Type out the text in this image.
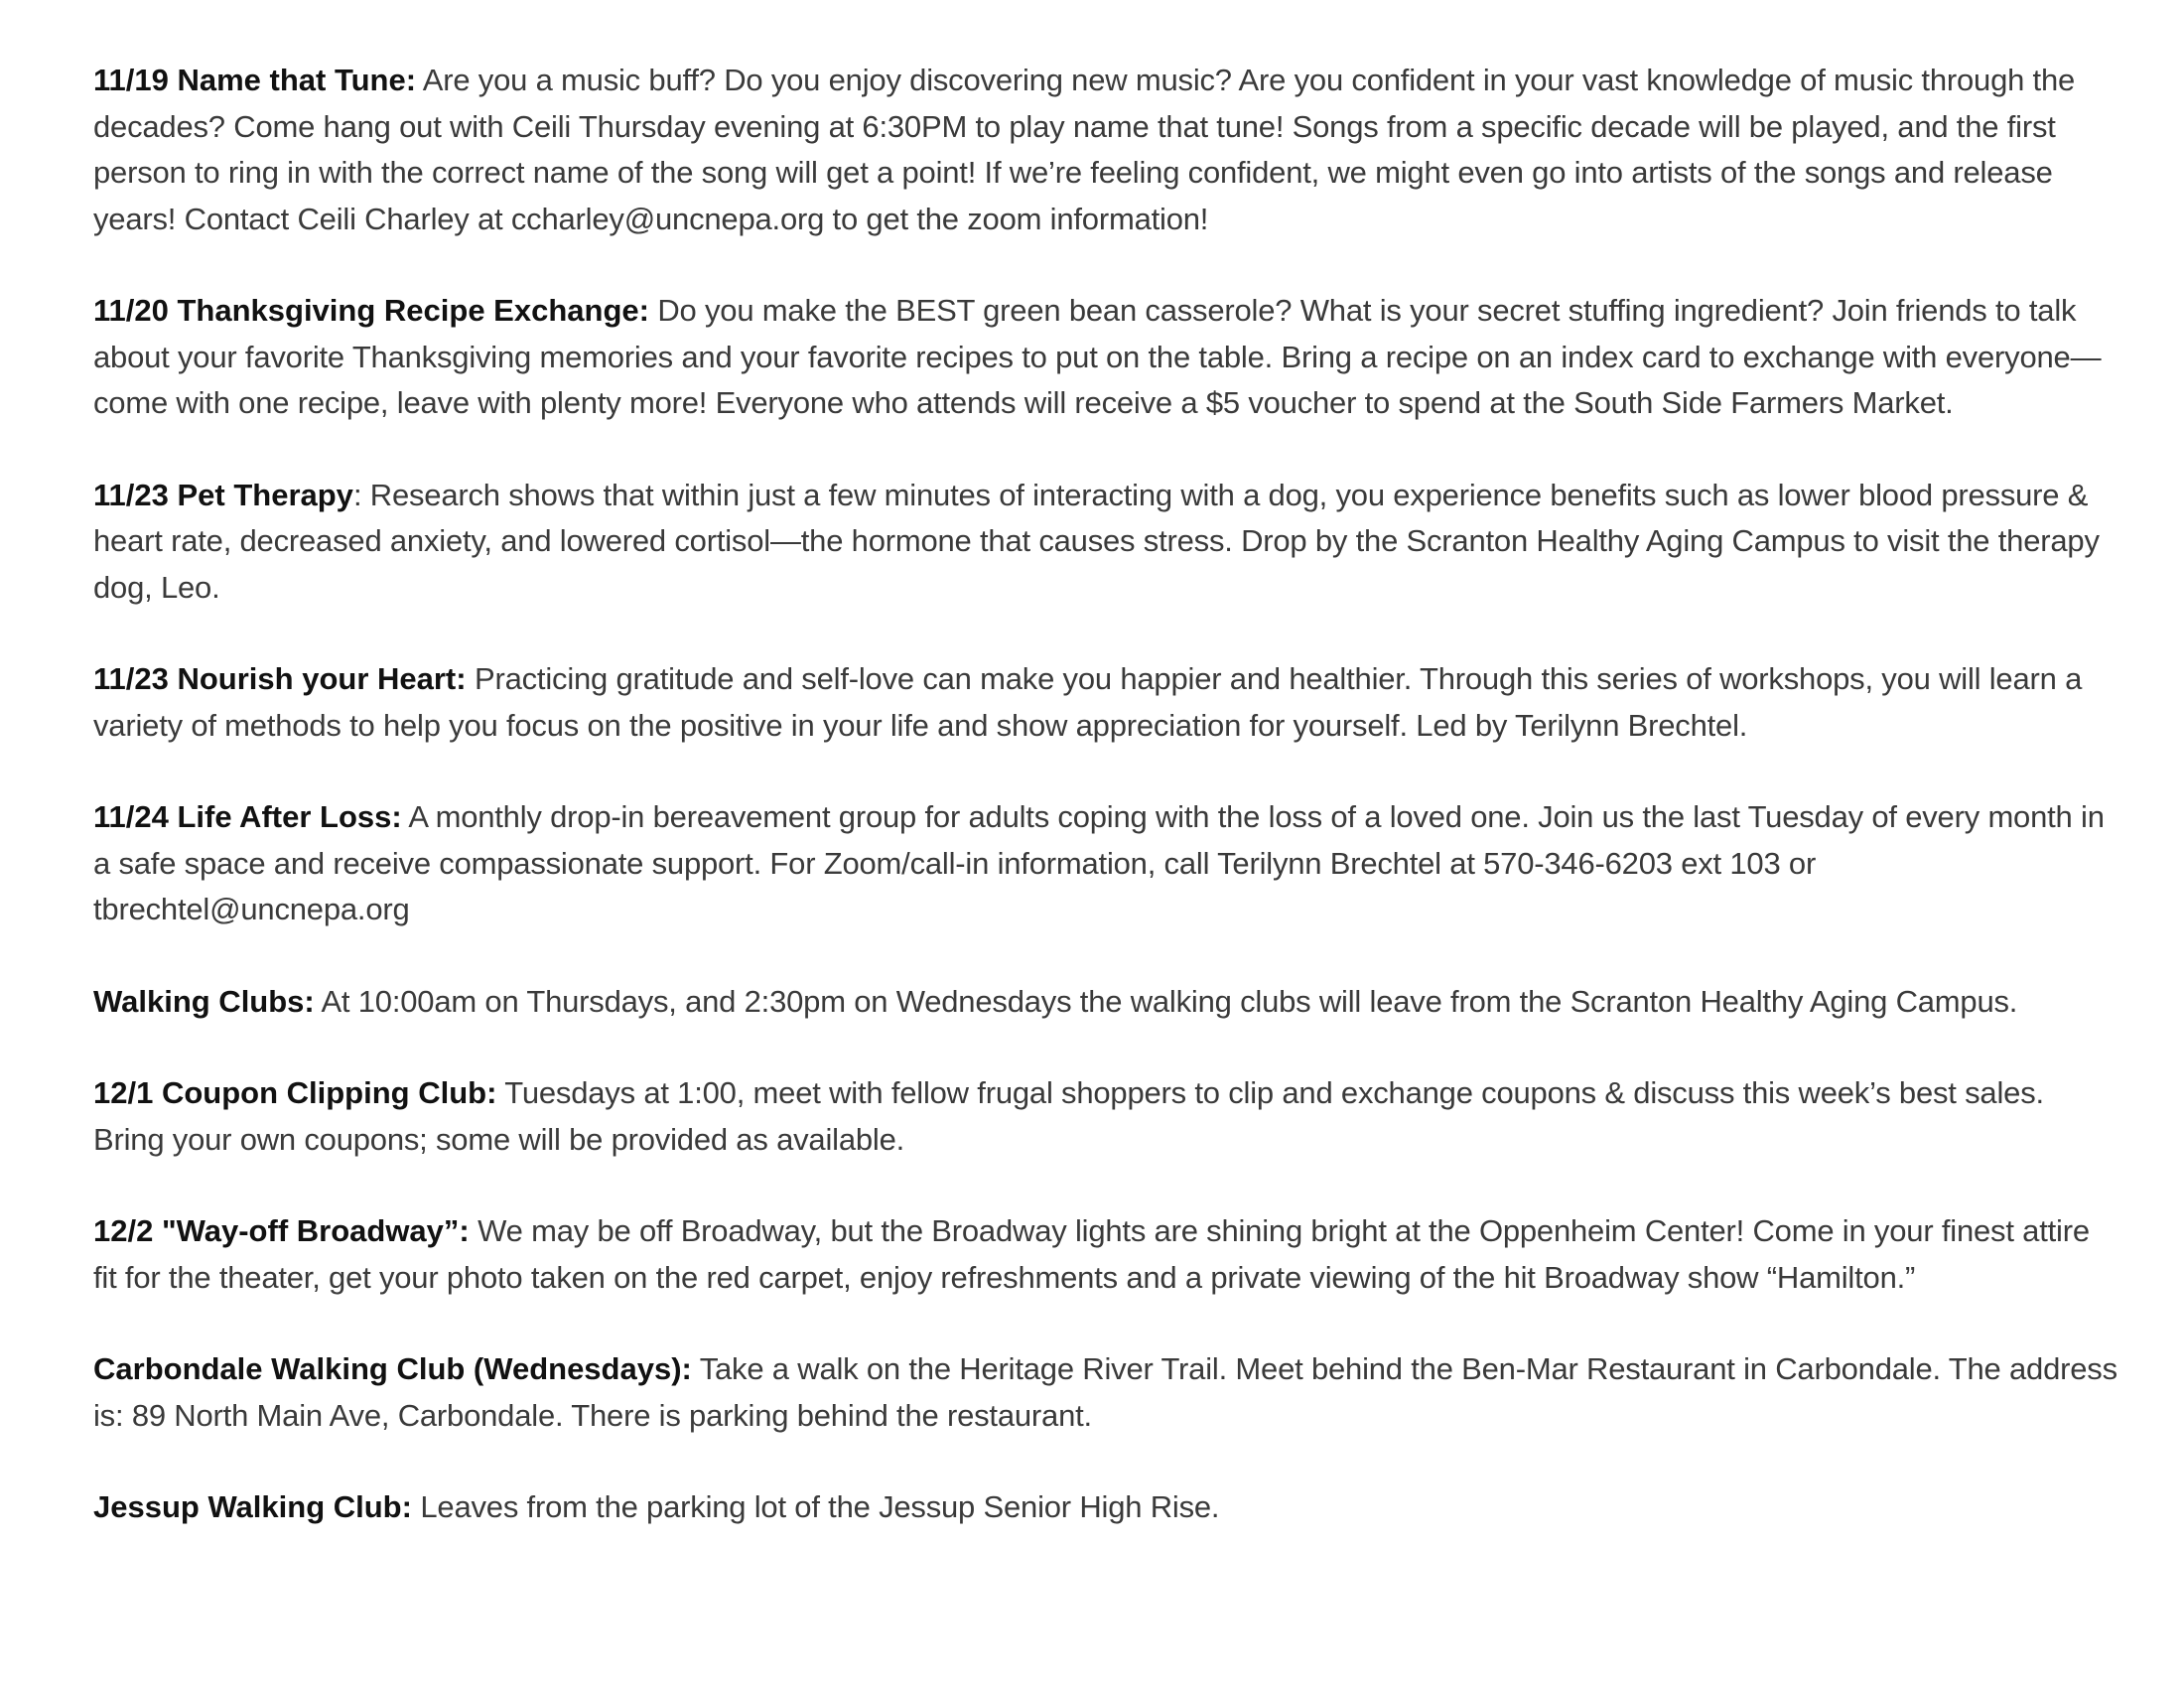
11/19 Name that Tune: Are you a music buff? Do you enjoy discovering new music? Are you confident in your vast knowledge of music through the decades? Come hang out with Ceili Thursday evening at 6:30PM to play name that tune! Songs from a specific decade will be played, and the first person to ring in with the correct name of the song will get a point! If we’re feeling confident, we might even go into artists of the songs and release years! Contact Ceili Charley at ccharley@uncnepa.org to get the zoom information!

11/20 Thanksgiving Recipe Exchange: Do you make the BEST green bean casserole? What is your secret stuffing ingredient? Join friends to talk about your favorite Thanksgiving memories and your favorite recipes to put on the table. Bring a recipe on an index card to exchange with everyone—come with one recipe, leave with plenty more! Everyone who attends will receive a $5 voucher to spend at the South Side Farmers Market.

11/23 Pet Therapy: Research shows that within just a few minutes of interacting with a dog, you experience benefits such as lower blood pressure & heart rate, decreased anxiety, and lowered cortisol—the hormone that causes stress. Drop by the Scranton Healthy Aging Campus to visit the therapy dog, Leo.

11/23 Nourish your Heart: Practicing gratitude and self-love can make you happier and healthier. Through this series of workshops, you will learn a variety of methods to help you focus on the positive in your life and show appreciation for yourself. Led by Terilynn Brechtel.

11/24 Life After Loss: A monthly drop-in bereavement group for adults coping with the loss of a loved one. Join us the last Tuesday of every month in a safe space and receive compassionate support. For Zoom/call-in information, call Terilynn Brechtel at 570-346-6203 ext 103 or tbrechtel@uncnepa.org

Walking Clubs: At 10:00am on Thursdays, and 2:30pm on Wednesdays the walking clubs will leave from the Scranton Healthy Aging Campus.

12/1 Coupon Clipping Club: Tuesdays at 1:00, meet with fellow frugal shoppers to clip and exchange coupons & discuss this week’s best sales. Bring your own coupons; some will be provided as available.

12/2 "Way-off Broadway”: We may be off Broadway, but the Broadway lights are shining bright at the Oppenheim Center! Come in your finest attire fit for the theater, get your photo taken on the red carpet, enjoy refreshments and a private viewing of the hit Broadway show “Hamilton.”

Carbondale Walking Club (Wednesdays): Take a walk on the Heritage River Trail. Meet behind the Ben-Mar Restaurant in Carbondale. The address is: 89 North Main Ave, Carbondale. There is parking behind the restaurant.

Jessup Walking Club: Leaves from the parking lot of the Jessup Senior High Rise.
